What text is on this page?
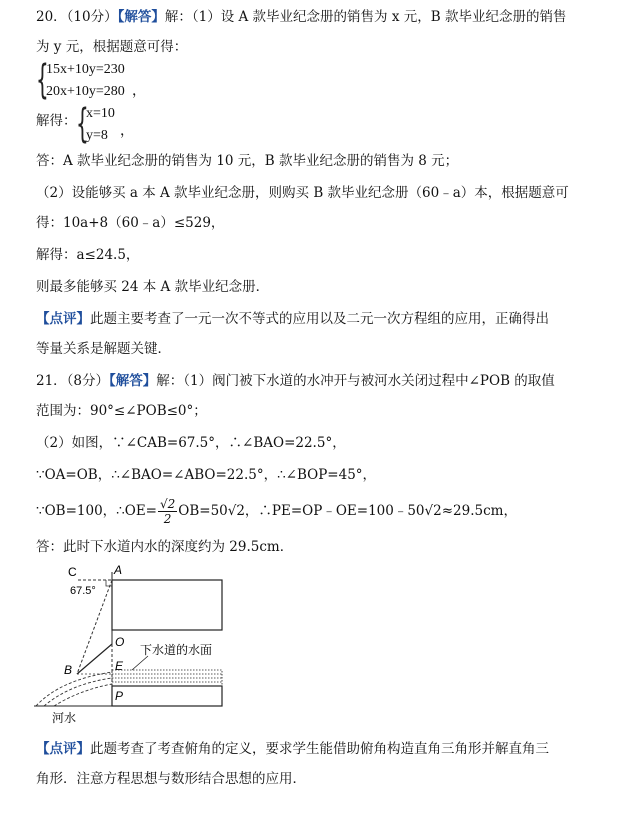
20．（10分）【解答】解：（1）设 A 款毕业纪念册的销售为 x 元，B 款毕业纪念册的销售
为 y 元，根据题意可得：
{
15x+10y=230
20x+10y=280 ，
解得： {
x=10
y=8 ，
答：A 款毕业纪念册的销售为 10 元，B 款毕业纪念册的销售为 8 元；
（2）设能够买 a 本 A 款毕业纪念册，则购买 B 款毕业纪念册（60﹣a）本，根据题意可
得：10a+8（60﹣a）≤529，
解得：a≤24.5，
则最多能够买 24 本 A 款毕业纪念册．
【点评】此题主要考查了一元一次不等式的应用以及二元一次方程组的应用，正确得出
等量关系是解题关键．
21．（8分）【解答】解：（1）阀门被下水道的水冲开与被河水关闭过程中∠POB 的取值
范围为：90°≤∠POB≤0°；
（2）如图，∵∠CAB=67.5°，∴∠BAO=22.5°，
∵OA=OB，∴∠BAO=∠ABO=22.5°，∴∠BOP=45°，
∵OB=100，∴OE= $\frac{√2}{2} OB=50√2$，∴PE=OP﹣OE=100﹣50√2≈29.5cm，
答：此时下水道内水的深度约为 29.5cm．
C	A
67.5°
O
B	E
P
下水道的水面
河水
【点评】此题考查了考查俯角的定义，要求学生能借助俯角构造直角三角形并解直角三
角形．注意方程思想与数形结合思想的应用．
